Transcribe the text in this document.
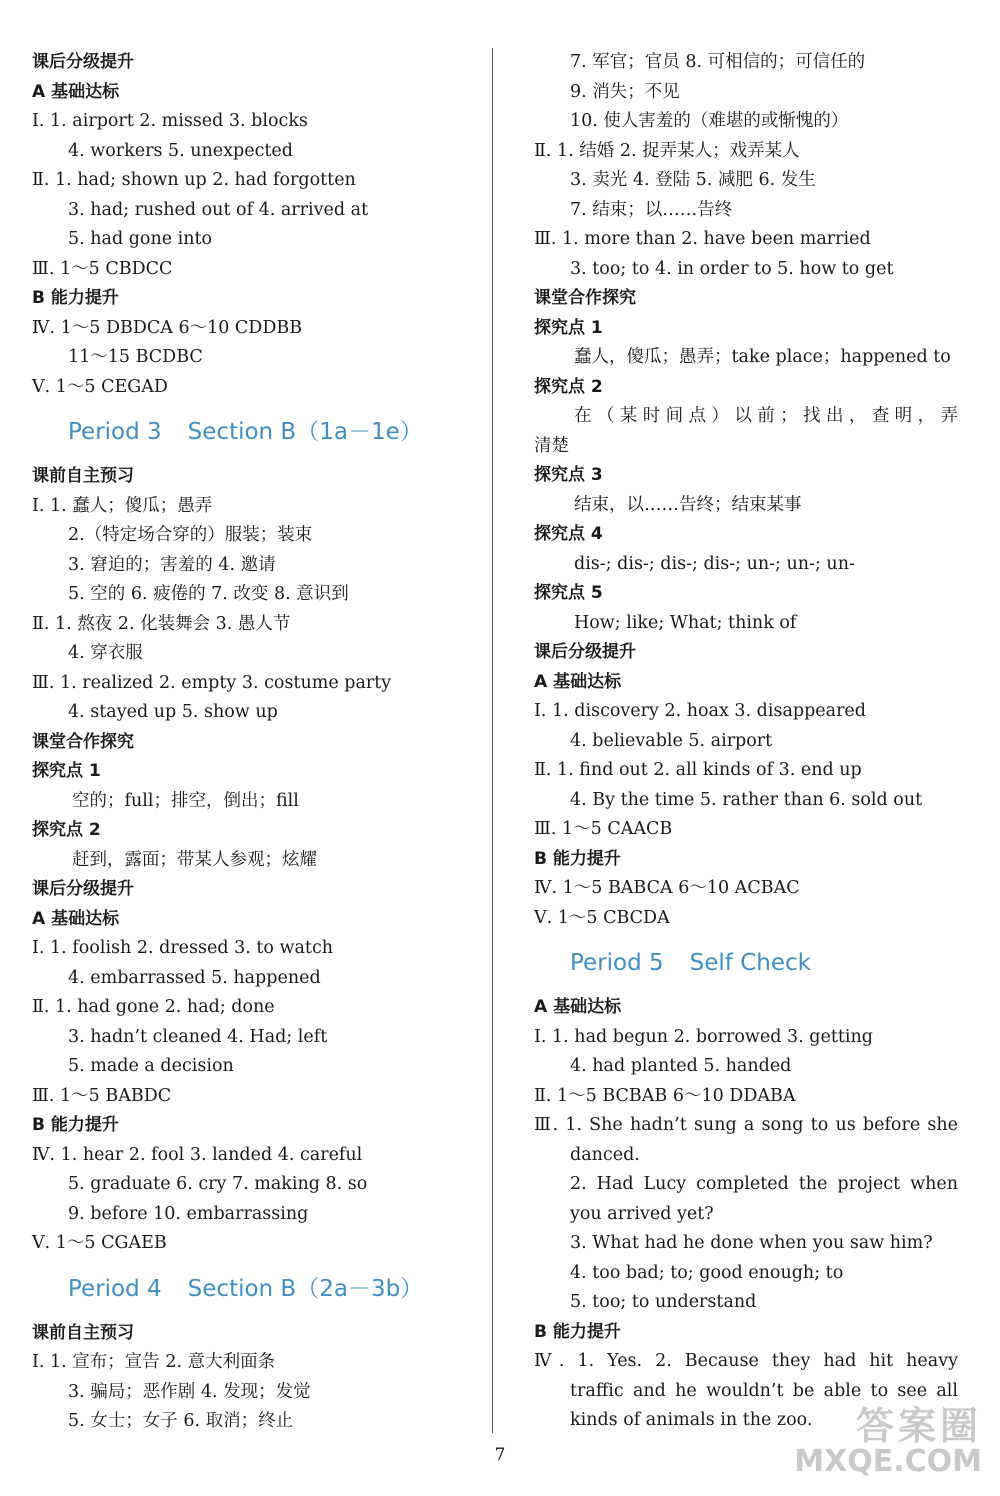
课后分级提升
A 基础达标
Ⅰ. 1. airport 2. missed 3. blocks
4. workers 5. unexpected
Ⅱ. 1. had; shown up 2. had forgotten
3. had; rushed out of 4. arrived at
5. had gone into
Ⅲ. 1～5 CBDCC
B 能力提升
Ⅳ. 1～5 DBDCA 6～10 CDDBB
11～15 BCDBC
Ⅴ. 1～5 CEGAD
Period 3 Section B（1a－1e）
课前自主预习
Ⅰ. 1. 蠢人；傻瓜；愚弄
2.（特定场合穿的）服装；装束
3. 窘迫的；害羞的 4. 邀请
5. 空的 6. 疲倦的 7. 改变 8. 意识到
Ⅱ. 1. 熬夜 2. 化装舞会 3. 愚人节
4. 穿衣服
Ⅲ. 1. realized 2. empty 3. costume party
4. stayed up 5. show up
课堂合作探究
探究点 1
空的；full；排空，倒出；fill
探究点 2
赶到，露面；带某人参观；炫耀
课后分级提升
A 基础达标
Ⅰ. 1. foolish 2. dressed 3. to watch
4. embarrassed 5. happened
Ⅱ. 1. had gone 2. had; done
3. hadn’t cleaned 4. Had; left
5. made a decision
Ⅲ. 1～5 BABDC
B 能力提升
Ⅳ. 1. hear 2. fool 3. landed 4. careful
5. graduate 6. cry 7. making 8. so
9. before 10. embarrassing
Ⅴ. 1～5 CGAEB
Period 4 Section B（2a－3b）
课前自主预习
Ⅰ. 1. 宣布；宣告 2. 意大利面条
3. 骗局；恶作剧 4. 发现；发觉
5. 女士；女子 6. 取消；终止
7. 军官；官员 8. 可相信的；可信任的
9. 消失；不见
10. 使人害羞的（难堪的或惭愧的）
Ⅱ. 1. 结婚 2. 捉弄某人；戏弄某人
3. 卖光 4. 登陆 5. 减肥 6. 发生
7. 结束；以……告终
Ⅲ. 1. more than 2. have been married
3. too; to 4. in order to 5. how to get
课堂合作探究
探究点 1
蠢人，傻瓜；愚弄；take place；happened to
探究点 2
在（某时间点）以前；找出，查明，弄
清楚
探究点 3
结束，以……告终；结束某事
探究点 4
dis-; dis-; dis-; dis-; un-; un-; un-
探究点 5
How; like; What; think of
课后分级提升
A 基础达标
Ⅰ. 1. discovery 2. hoax 3. disappeared
4. believable 5. airport
Ⅱ. 1. find out 2. all kinds of 3. end up
4. By the time 5. rather than 6. sold out
Ⅲ. 1～5 CAACB
B 能力提升
Ⅳ. 1～5 BABCA 6～10 ACBAC
Ⅴ. 1～5 CBCDA
Period 5 Self Check
A 基础达标
Ⅰ. 1. had begun 2. borrowed 3. getting
4. had planted 5. handed
Ⅱ. 1～5 BCBAB 6～10 DDABA
Ⅲ. 1. She hadn’t sung a song to us before she
danced.
2. Had Lucy completed the project when
you arrived yet?
3. What had he done when you saw him?
4. too bad; to; good enough; to
5. too; to understand
B 能力提升
Ⅳ. 1. Yes. 2. Because they had hit heavy
traffic and he wouldn’t be able to see all
kinds of animals in the zoo.
7
答案圈
MXQE.COM
